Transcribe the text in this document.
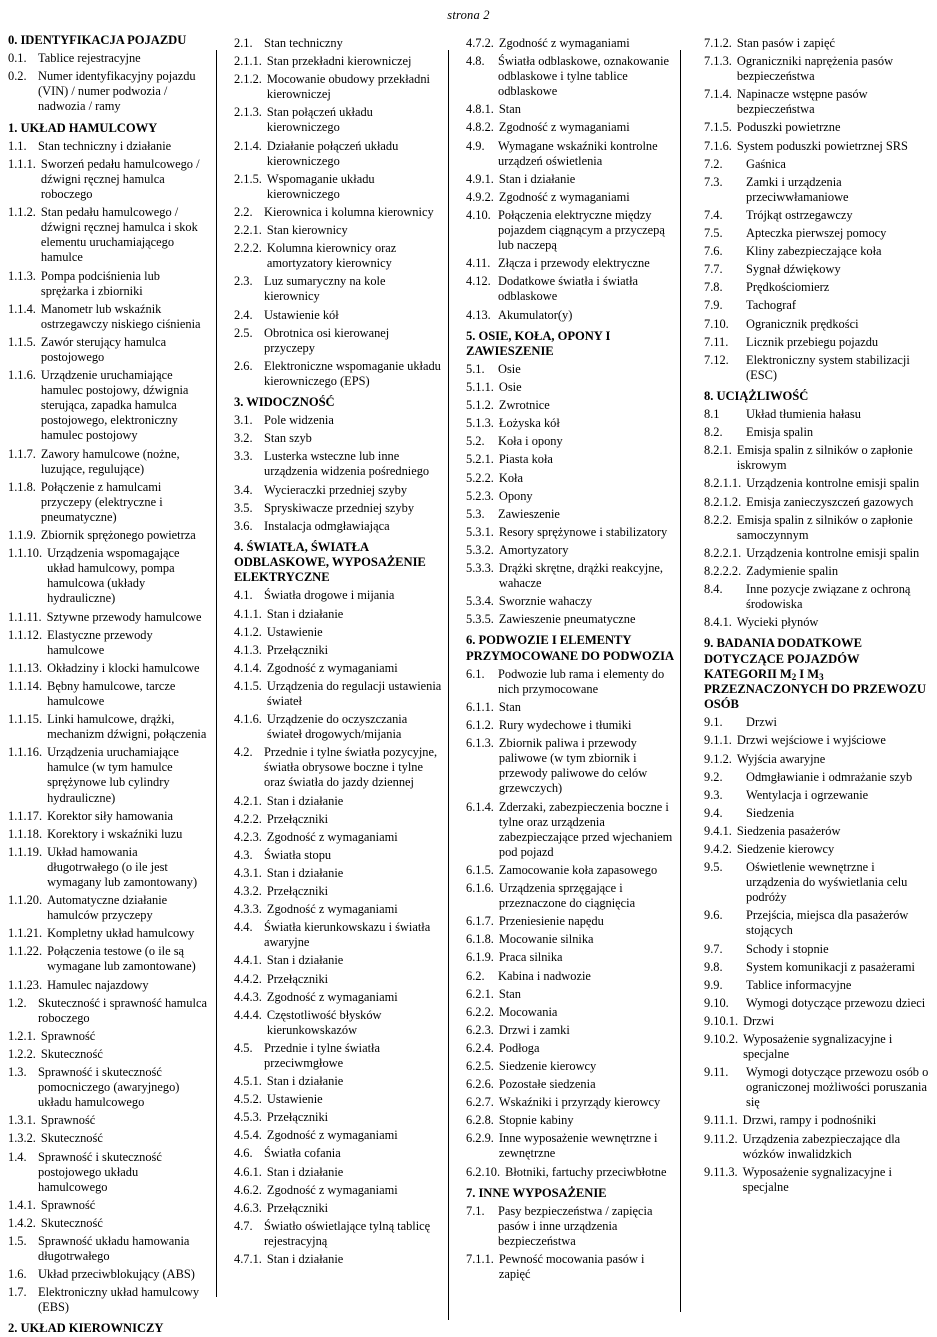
strona 2
0. IDENTYFIKACJA POJAZDU
0.1. Tablice rejestracyjne
0.2. Numer identyfikacyjny pojazdu (VIN) / numer podwozia / nadwozia / ramy
1. UKŁAD HAMULCOWY
1.1. Stan techniczny i działanie
1.1.1. Sworzeń pedału hamulcowego / dźwigni ręcznej hamulca roboczego
1.1.2. Stan pedału hamulcowego / dźwigni ręcznej hamulca i skok elementu uruchamiającego hamulce
1.1.3. Pompa podciśnienia lub sprężarka i zbiorniki
1.1.4. Manometr lub wskaźnik ostrzegawczy niskiego ciśnienia
1.1.5. Zawór sterujący hamulca postojowego
1.1.6. Urządzenie uruchamiające hamulec postojowy, dźwignia sterująca, zapadka hamulca postojowego, elektroniczny hamulec postojowy
1.1.7. Zawory hamulcowe (nożne, luzujące, regulujące)
1.1.8. Połączenie z hamulcami przyczepy (elektryczne i pneumatyczne)
1.1.9. Zbiornik sprężonego powietrza
1.1.10. Urządzenia wspomagające układ hamulcowy, pompa hamulcowa (układy hydrauliczne)
1.1.11. Sztywne przewody hamulcowe
1.1.12. Elastyczne przewody hamulcowe
1.1.13. Okładziny i klocki hamulcowe
1.1.14. Bębny hamulcowe, tarcze hamulcowe
1.1.15. Linki hamulcowe, drążki, mechanizm dźwigni, połączenia
1.1.16. Urządzenia uruchamiające hamulce (w tym hamulce sprężynowe lub cylindry hydrauliczne)
1.1.17. Korektor siły hamowania
1.1.18. Korektory i wskaźniki luzu
1.1.19. Układ hamowania długotrwałego (o ile jest wymagany lub zamontowany)
1.1.20. Automatyczne działanie hamulców przyczepy
1.1.21. Kompletny układ hamulcowy
1.1.22. Połączenia testowe (o ile są wymagane lub zamontowane)
1.1.23. Hamulec najazdowy
1.2. Skuteczność i sprawność hamulca roboczego
1.2.1. Sprawność
1.2.2. Skuteczność
1.3. Sprawność i skuteczność pomocniczego (awaryjnego) układu hamulcowego
1.3.1. Sprawność
1.3.2. Skuteczność
1.4. Sprawność i skuteczność postojowego układu hamulcowego
1.4.1. Sprawność
1.4.2. Skuteczność
1.5. Sprawność układu hamowania długotrwałego
1.6. Układ przeciwblokujący (ABS)
1.7. Elektroniczny układ hamulcowy (EBS)
2. UKŁAD KIEROWNICZY
2.1. Stan techniczny
2.1.1. Stan przekładni kierowniczej
2.1.2. Mocowanie obudowy przekładni kierowniczej
2.1.3. Stan połączeń układu kierowniczego
2.1.4. Działanie połączeń układu kierowniczego
2.1.5. Wspomaganie układu kierowniczego
2.2. Kierownica i kolumna kierownicy
2.2.1. Stan kierownicy
2.2.2. Kolumna kierownicy oraz amortyzatory kierownicy
2.3. Luz sumaryczny na kole kierownicy
2.4. Ustawienie kół
2.5. Obrotnica osi kierowanej przyczepy
2.6. Elektroniczne wspomaganie układu kierowniczego (EPS)
3. WIDOCZNOŚĆ
3.1. Pole widzenia
3.2. Stan szyb
3.3. Lusterka wsteczne lub inne urządzenia widzenia pośredniego
3.4. Wycieraczki przedniej szyby
3.5. Spryskiwacze przedniej szyby
3.6. Instalacja odmgławiająca
4. ŚWIATŁA, ŚWIATŁA ODBLASKOWE, WYPOSAŻENIE ELEKTRYCZNE
4.1. Światła drogowe i mijania
4.1.1. Stan i działanie
4.1.2. Ustawienie
4.1.3. Przełączniki
4.1.4. Zgodność z wymaganiami
4.1.5. Urządzenia do regulacji ustawienia świateł
4.1.6. Urządzenie do oczyszczania świateł drogowych/mijania
4.2. Przednie i tylne światła pozycyjne, światła obrysowe boczne i tylne oraz światła do jazdy dziennej
4.2.1. Stan i działanie
4.2.2. Przełączniki
4.2.3. Zgodność z wymaganiami
4.3. Światła stopu
4.3.1. Stan i działanie
4.3.2. Przełączniki
4.3.3. Zgodność z wymaganiami
4.4. Światła kierunkowskazu i światła awaryjne
4.4.1. Stan i działanie
4.4.2. Przełączniki
4.4.3. Zgodność z wymaganiami
4.4.4. Częstotliwość błysków kierunkowskazów
4.5. Przednie i tylne światła przeciwmgłowe
4.5.1. Stan i działanie
4.5.2. Ustawienie
4.5.3. Przełączniki
4.5.4. Zgodność z wymaganiami
4.6. Światła cofania
4.6.1. Stan i działanie
4.6.2. Zgodność z wymaganiami
4.6.3. Przełączniki
4.7. Światło oświetlające tylną tablicę rejestracyjną
4.7.1. Stan i działanie
4.7.2. Zgodność z wymaganiami
4.8.	Światła odblaskowe, oznakowanie odblaskowe i tylne tablice odblaskowe
4.8.1. Stan
4.8.2. Zgodność z wymaganiami
4.9.	Wymagane wskaźniki kontrolne urządzeń oświetlenia
4.9.1. Stan i działanie
4.9.2. Zgodność z wymaganiami
4.10. Połączenia elektryczne między pojazdem ciągnącym a przyczepą lub naczepą
4.11. Złącza i przewody elektryczne
4.12. Dodatkowe światła i światła odblaskowe
4.13. Akumulator(y)
5. OSIE, KOŁA, OPONY I ZAWIESZENIE
5.1.	Osie
5.1.1. Osie
5.1.2. Zwrotnice
5.1.3. Łożyska kół
5.2.	Koła i opony
5.2.1. Piasta koła
5.2.2. Koła
5.2.3. Opony
5.3.	Zawieszenie
5.3.1. Resory sprężynowe i stabilizatory
5.3.2. Amortyzatory
5.3.3. Drążki skrętne, drążki reakcyjne, wahacze
5.3.4. Sworznie wahaczy
5.3.5. Zawieszenie pneumatyczne
6. PODWOZIE I ELEMENTY PRZYMOCOWANE DO PODWOZIA
6.1.	Podwozie lub rama i elementy do nich przymocowane
6.1.1. Stan
6.1.2. Rury wydechowe i tłumiki
6.1.3. Zbiornik paliwa i przewody paliwowe (w tym zbiornik i przewody paliwowe do celów grzewczych)
6.1.4. Zderzaki, zabezpieczenia boczne i tylne oraz urządzenia zabezpieczające przed wjechaniem pod pojazd
6.1.5. Zamocowanie koła zapasowego
6.1.6. Urządzenia sprzęgające i przeznaczone do ciągnięcia
6.1.7. Przeniesienie napędu
6.1.8. Mocowanie silnika
6.1.9. Praca silnika
6.2.	Kabina i nadwozie
6.2.1. Stan
6.2.2. Mocowania
6.2.3. Drzwi i zamki
6.2.4. Podłoga
6.2.5. Siedzenie kierowcy
6.2.6. Pozostałe siedzenia
6.2.7. Wskaźniki i przyrządy kierowcy
6.2.8. Stopnie kabiny
6.2.9. Inne wyposażenie wewnętrzne i zewnętrzne
6.2.10. Błotniki, fartuchy przeciwbłotne
7. INNE WYPOSAŻENIE
7.1.	Pasy bezpieczeństwa / zapięcia pasów i inne urządzenia bezpieczeństwa
7.1.1. Pewność mocowania pasów i zapięć
7.1.2. Stan pasów i zapięć
7.1.3. Ograniczniki naprężenia pasów bezpieczeństwa
7.1.4. Napinacze wstępne pasów bezpieczeństwa
7.1.5. Poduszki powietrzne
7.1.6. System poduszki powietrznej SRS
7.2.	Gaśnica
7.3.	Zamki i urządzenia przeciwwłamaniowe
7.4.	Trójkąt ostrzegawczy
7.5.	Apteczka pierwszej pomocy
7.6.	Kliny zabezpieczające koła
7.7.	Sygnał dźwiękowy
7.8.	Prędkościomierz
7.9.	Tachograf
7.10.	Ogranicznik prędkości
7.11.	Licznik przebiegu pojazdu
7.12.	Elektroniczny system stabilizacji (ESC)
8. UCIĄŻLIWOŚĆ
8.1	Układ tłumienia hałasu
8.2.	Emisja spalin
8.2.1. Emisja spalin z silników o zapłonie iskrowym
8.2.1.1. Urządzenia kontrolne emisji spalin
8.2.1.2. Emisja zanieczyszczeń gazowych
8.2.2. Emisja spalin z silników o zapłonie samoczynnym
8.2.2.1. Urządzenia kontrolne emisji spalin
8.2.2.2. Zadymienie spalin
8.4.	Inne pozycje związane z ochroną środowiska
8.4.1. Wycieki płynów
9. BADANIA DODATKOWE DOTYCZĄCE POJAZDÓW KATEGORII $M_2$ I $M_3$ PRZEZNACZONYCH DO PRZEWOZU OSÓB
9.1.	Drzwi
9.1.1. Drzwi wejściowe i wyjściowe
9.1.2. Wyjścia awaryjne
9.2.	Odmgławianie i odmrażanie szyb
9.3.	Wentylacja i ogrzewanie
9.4.	Siedzenia
9.4.1. Siedzenia pasażerów
9.4.2. Siedzenie kierowcy
9.5.	Oświetlenie wewnętrzne i urządzenia do wyświetlania celu podróży
9.6.	Przejścia, miejsca dla pasażerów stojących
9.7.	Schody i stopnie
9.8.	System komunikacji z pasażerami
9.9.	Tablice informacyjne
9.10.	Wymogi dotyczące przewozu dzieci
9.10.1. Drzwi
9.10.2. Wyposażenie sygnalizacyjne i specjalne
9.11.	Wymogi dotyczące przewozu osób o ograniczonej możliwości poruszania się
9.11.1. Drzwi, rampy i podnośniki
9.11.2. Urządzenia zabezpieczające dla wózków inwalidzkich
9.11.3. Wyposażenie sygnalizacyjne i specjalne
